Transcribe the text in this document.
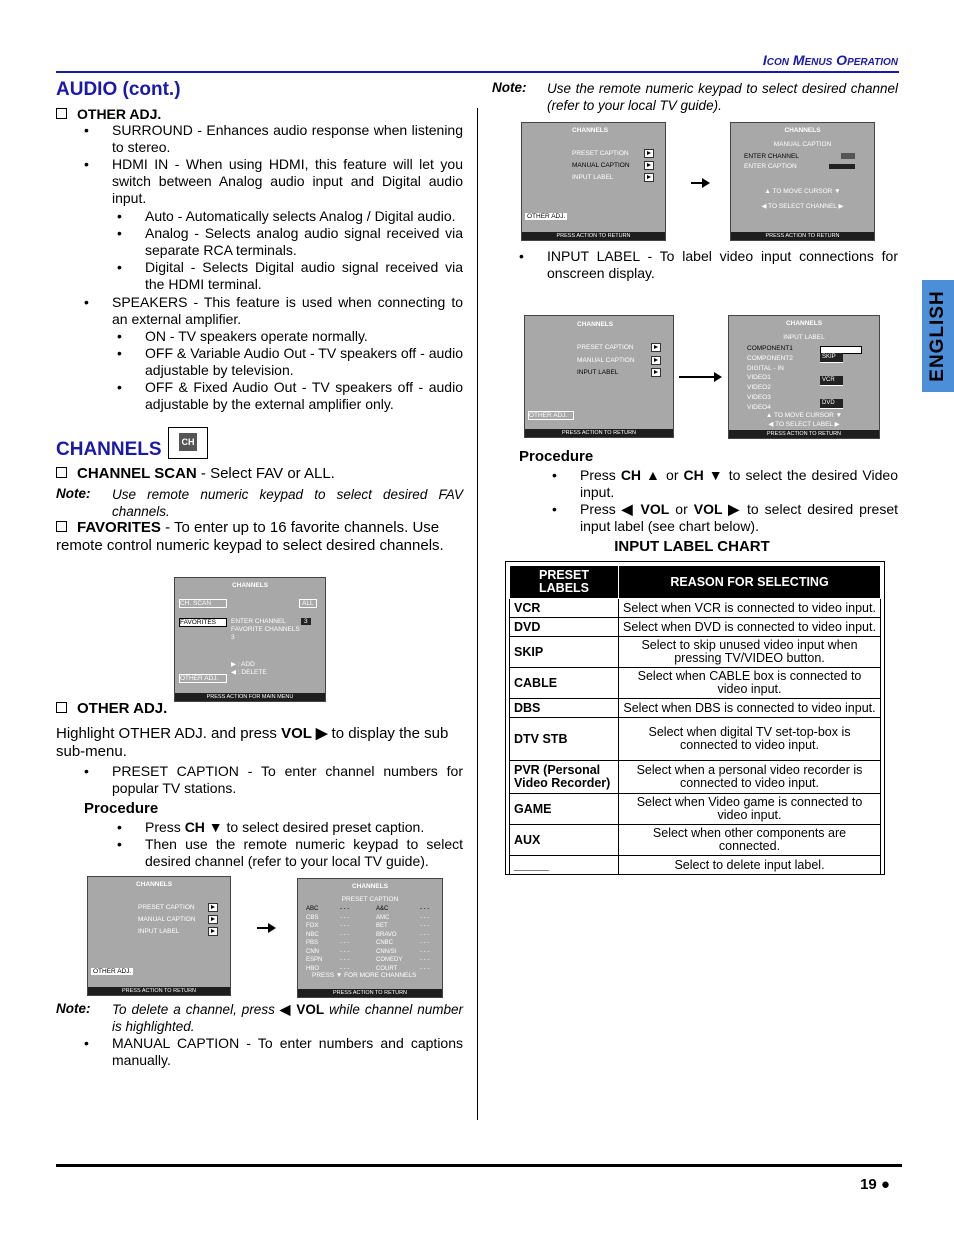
Icon Menus Operation
ENGLISH
AUDIO (cont.)
OTHER ADJ.
• SURROUND - Enhances audio response when listening to stereo.
• HDMI IN - When using HDMI, this feature will let you switch between Analog audio input and Digital audio input.
• Auto - Automatically selects Analog / Digital audio.
• Analog - Selects analog audio signal received via separate RCA terminals.
• Digital - Selects Digital audio signal received via the HDMI terminal.
• SPEAKERS - This feature is used when connecting to an external amplifier.
• ON - TV speakers operate normally.
• OFF & Variable Audio Out - TV speakers off - audio adjustable by television.
• OFF & Fixed Audio Out - TV speakers off - audio adjustable by the external amplifier only.
CHANNELS CH
CHANNEL SCAN - Select FAV or ALL.
Note: Use remote numeric keypad to select desired FAV channels.
FAVORITES - To enter up to 16 favorite channels. Use remote control numeric keypad to select desired channels.
CHANNELS
CH. SCAN	ALL
FAVORITES	ENTER CHANNEL	3
FAVORITE CHANNELS
3
▶ : ADD
◀ : DELETE
OTHER ADJ.
PRESS ACTION FOR MAIN MENU
OTHER ADJ.
Highlight OTHER ADJ. and press VOL ▶ to display the sub sub-menu.
• PRESET CAPTION - To enter channel numbers for popular TV stations.
Procedure
• Press CH ▼ to select desired preset caption.
• Then use the remote numeric keypad to select desired channel (refer to your local TV guide).
CHANNELS
PRESET CAPTION
MANUAL CAPTION
INPUT LABEL
OTHER ADJ.
PRESS ACTION TO RETURN
CHANNELS
PRESET CAPTION
ABC	- - -	A&C	- - -
CBS	- - -	AMC	- - -
FOX	- - -	BET	- - -
NBC	- - -	BRAVO	- - -
PBS	- - -	CNBC	- - -
CNN	- - -	CNN/SI	- - -
ESPN	- - -	COMEDY	- - -
HBO	- - -	COURT	- - -
PRESS ▼ FOR MORE CHANNELS
PRESS ACTION TO RETURN
Note: To delete a channel, press ◀ VOL while channel number is highlighted.
• MANUAL CAPTION - To enter numbers and captions manually.
Note: Use the remote numeric keypad to select desired channel (refer to your local TV guide).
CHANNELS
PRESET CAPTION
MANUAL CAPTION
INPUT LABEL
OTHER ADJ.
PRESS ACTION TO RETURN
CHANNELS
MANUAL CAPTION
ENTER CHANNEL
ENTER CAPTION
▲ TO MOVE CURSOR ▼
◀ TO SELECT CHANNEL ▶
PRESS ACTION TO RETURN
• INPUT LABEL - To label video input connections for onscreen display.
CHANNELS
PRESET CAPTION
MANUAL CAPTION
INPUT LABEL
OTHER ADJ.
PRESS ACTION TO RETURN
CHANNELS
INPUT LABEL
COMPONENT1
COMPONENT2
DIGITAL - IN
VIDEO1
VIDEO2
VIDEO3
VIDEO4
SKIP
VCR
DVD
▲ TO MOVE CURSOR ▼
◀ TO SELECT LABEL ▶
PRESS ACTION TO RETURN
Procedure
• Press CH ▲ or CH ▼ to select the desired Video input.
• Press ◀ VOL or VOL ▶ to select desired preset input label (see chart below).
INPUT LABEL CHART
PRESET LABELS	REASON FOR SELECTING
VCR	Select when VCR is connected to video input.
DVD	Select when DVD is connected to video input.
SKIP	Select to skip unused video input when pressing TV/VIDEO button.
CABLE	Select when CABLE box is connected to video input.
DBS	Select when DBS is connected to video input.
DTV STB	Select when digital TV set-top-box is connected to video input.
PVR (Personal Video Recorder)	Select when a personal video recorder is connected to video input.
GAME	Select when Video game is connected to video input.
AUX	Select when other components are connected.
_____	Select to delete input label.
19 ●
